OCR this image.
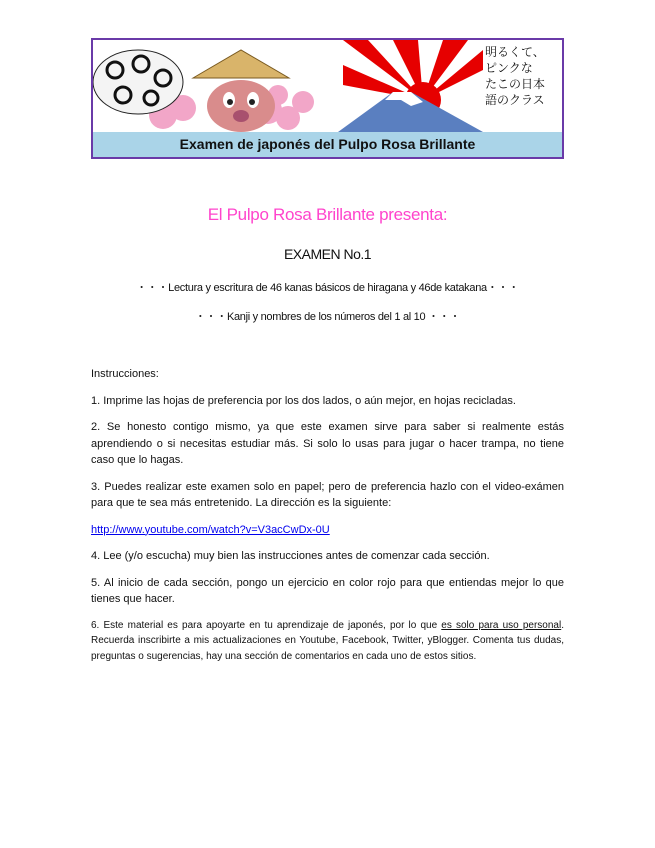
明るくて、
ピンクな
たこの日本
語のクラス
Examen de japonés del Pulpo Rosa Brillante
El Pulpo Rosa Brillante presenta:
EXAMEN No.1
・・・Lectura y escritura de 46 kanas básicos de hiragana y 46de katakana・・・
・・・Kanji y nombres de los números del 1 al 10 ・・・

Instrucciones:

1. Imprime las hojas de preferencia por los dos lados, o aún mejor, en hojas recicladas.

2. Se honesto contigo mismo, ya que este examen sirve para saber si realmente estás aprendiendo o si necesitas estudiar más. Si solo lo usas para jugar o hacer trampa, no tiene caso que lo hagas.

3. Puedes realizar este examen solo en papel; pero de preferencia hazlo con el video-exámen para que te sea más entretenido. La dirección es la siguiente:

http://www.youtube.com/watch?v=V3acCwDx-0U

4. Lee (y/o escucha) muy bien las instrucciones antes de comenzar cada sección.

5. Al inicio de cada sección, pongo un ejercicio en color rojo para que entiendas mejor lo que tienes que hacer.

6. Este material es para apoyarte en tu aprendizaje de japonés, por lo que es solo para uso personal. Recuerda inscribirte a mis actualizaciones en Youtube, Facebook, Twitter, yBlogger. Comenta tus dudas, preguntas o sugerencias, hay una sección de comentarios en cada uno de estos sitios.
